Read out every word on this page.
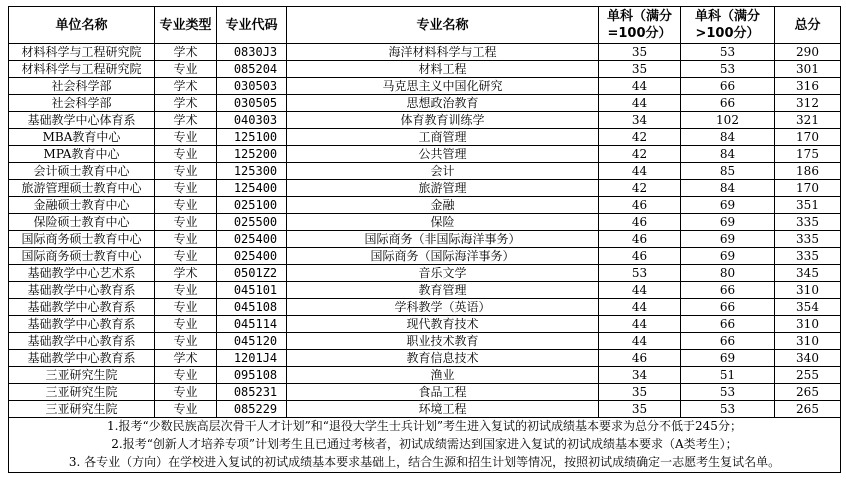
单位名称	专业类型	专业代码	专业名称	单科（满分=100分）	单科（满分>100分）	总分
材料科学与工程研究院	学术	0830J3	海洋材料科学与工程	35	53	290
材料科学与工程研究院	专业	085204	材料工程	35	53	301
社会科学部	学术	030503	马克思主义中国化研究	44	66	316
社会科学部	学术	030505	思想政治教育	44	66	312
基础教学中心体育系	学术	040303	体育教育训练学	34	102	321
MBA教育中心	专业	125100	工商管理	42	84	170
MPA教育中心	专业	125200	公共管理	42	84	175
会计硕士教育中心	专业	125300	会计	44	85	186
旅游管理硕士教育中心	专业	125400	旅游管理	42	84	170
金融硕士教育中心	专业	025100	金融	46	69	351
保险硕士教育中心	专业	025500	保险	46	69	335
国际商务硕士教育中心	专业	025400	国际商务（非国际海洋事务）	46	69	335
国际商务硕士教育中心	专业	025400	国际商务（国际海洋事务）	46	69	335
基础教学中心艺术系	学术	0501Z2	音乐文学	53	80	345
基础教学中心教育系	专业	045101	教育管理	44	66	310
基础教学中心教育系	专业	045108	学科教学（英语）	44	66	354
基础教学中心教育系	专业	045114	现代教育技术	44	66	310
基础教学中心教育系	专业	045120	职业技术教育	44	66	310
基础教学中心教育系	学术	1201J4	教育信息技术	46	69	340
三亚研究生院	专业	095108	渔业	34	51	255
三亚研究生院	专业	085231	食品工程	35	53	265
三亚研究生院	专业	085229	环境工程	35	53	265

1.报考“少数民族高层次骨干人才计划”和“退役大学生士兵计划”考生进入复试的初试成绩基本要求为总分不低于245分；
2.报考“创新人才培养专项”计划考生且已通过考核者，初试成绩需达到国家进入复试的初试成绩基本要求（A类考生）；
3. 各专业（方向）在学校进入复试的初试成绩基本要求基础上，结合生源和招生计划等情况，按照初试成绩确定一志愿考生复试名单。						
